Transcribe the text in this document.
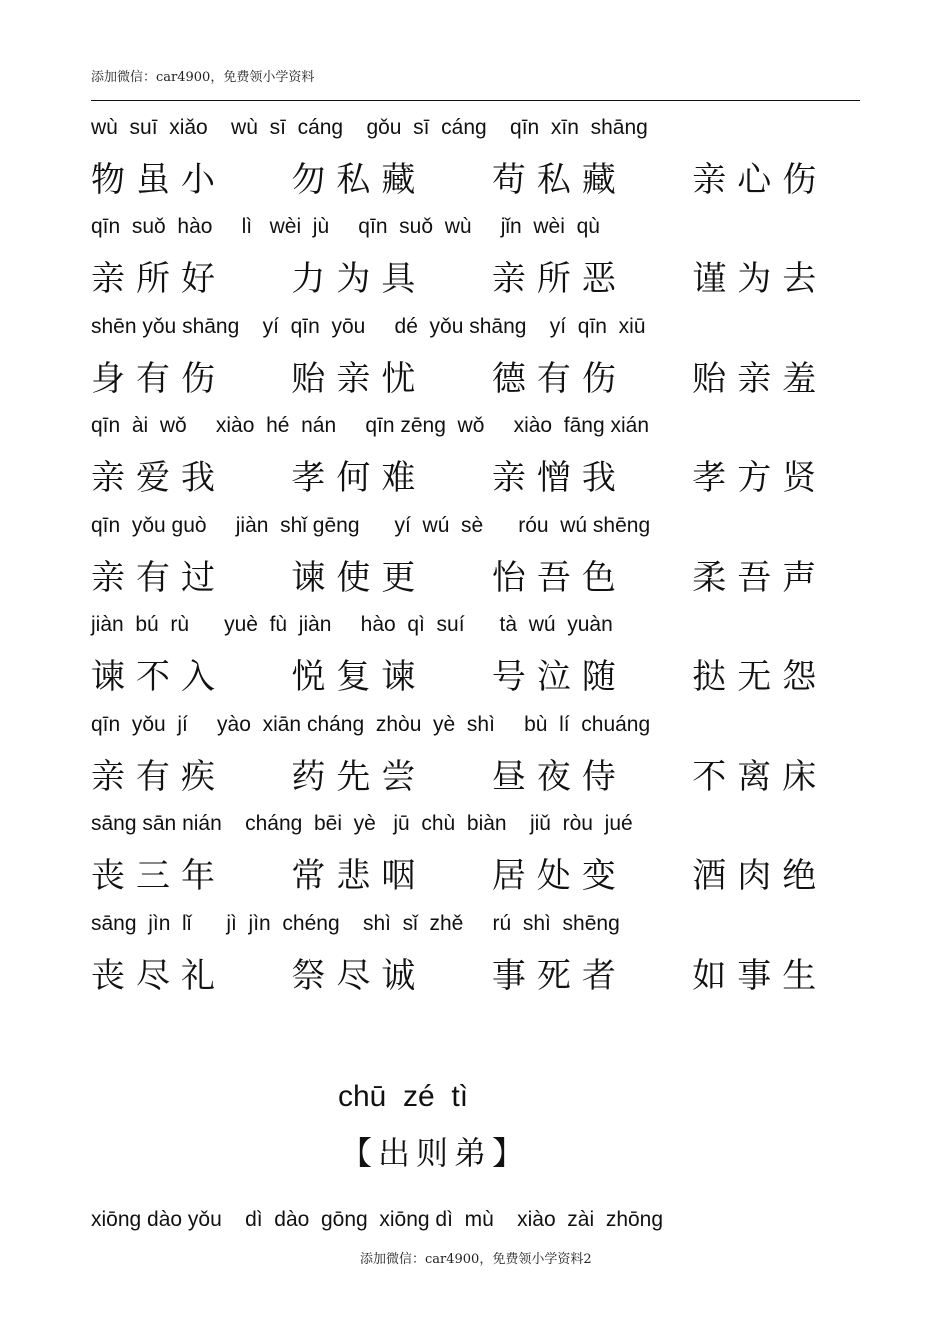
添加微信：car4900，免费领小学资料
wù  suī  xiǎo    wù  sī  cáng    gǒu  sī  cáng    qīn  xīn  shāng
物虽小   勿私藏   苟私藏   亲心伤
qīn  suǒ  hào     lì   wèi  jù     qīn  suǒ  wù     jǐn  wèi  qù
亲所好   力为具   亲所恶   谨为去
shēn yǒu shāng    yí  qīn  yōu     dé  yǒu shāng    yí  qīn  xiū
身有伤   贻亲忧   德有伤   贻亲羞
qīn  ài  wǒ     xiào  hé  nán     qīn zēng  wǒ     xiào  fāng xián
亲爱我   孝何难   亲憎我   孝方贤
qīn  yǒu guò     jiàn  shǐ gēng      yí  wú  sè      róu  wú shēng
亲有过   谏使更   怡吾色   柔吾声
jiàn  bú  rù      yuè  fù  jiàn     hào  qì  suí      tà  wú  yuàn
谏不入   悦复谏   号泣随   挞无怨
qīn  yǒu  jí     yào  xiān cháng  zhòu  yè  shì     bù  lí  chuáng
亲有疾   药先尝   昼夜侍   不离床
sāng sān nián    cháng  bēi  yè   jū  chù  biàn    jiǔ  ròu  jué
丧三年   常悲咽   居处变   酒肉绝
sāng  jìn  lǐ      jì  jìn  chéng    shì  sǐ  zhě     rú  shì  shēng
丧尽礼   祭尽诚   事死者   如事生
chū  zé  tì
【出则弟】
xiōng dào yǒu    dì  dào  gōng  xiōng dì  mù    xiào  zài  zhōng
添加微信：car4900，免费领小学资料2
